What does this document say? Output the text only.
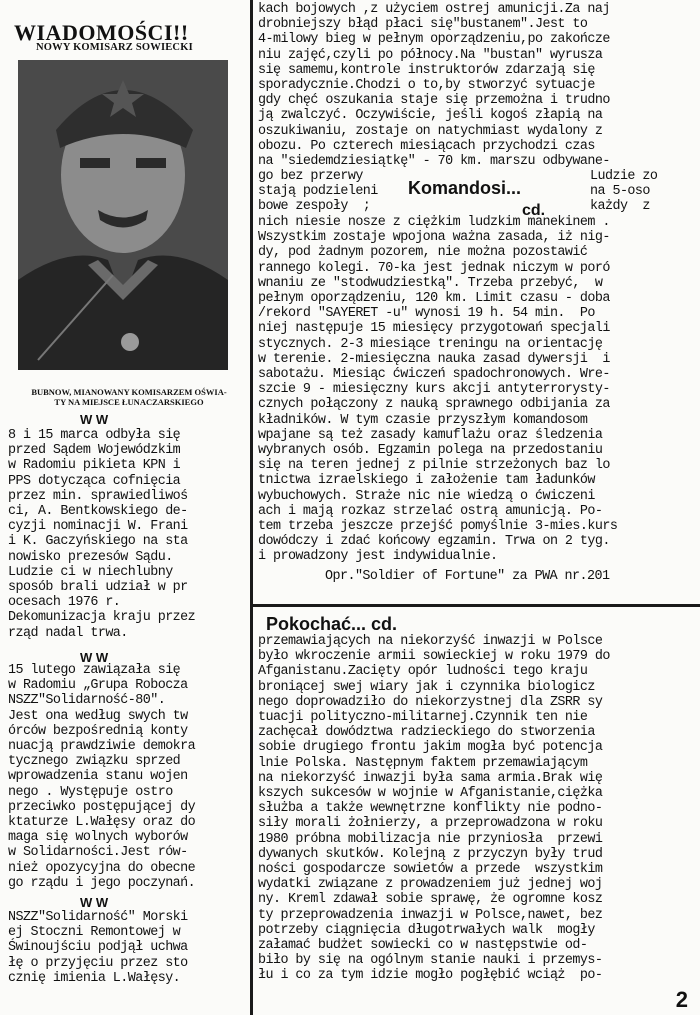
WIADOMOŚCI!!
NOWY KOMISARZ SOWIECKI
BUBNOW, MIANOWANY KOMISARZEM OŚWIA-
TY NA MIEJSCE ŁUNACZARSKIEGO
W W
8 i 15 marca odbyła się
przed Sądem Wojewódzkim
w Radomiu pikieta KPN i
PPS dotycząca cofnięcia
przez min. sprawiedliwoś
ci, A. Bentkowskiego de-
cyzji nominacji W. Frani
i K. Gaczyńskiego na sta
nowisko prezesów Sądu.
Ludzie ci w niechlubny
sposób brali udział w pr
ocesach 1976 r.
Dekomunizacja kraju przez
rząd nadal trwa.
W W
15 lutego zawiązała się
w Radomiu „Grupa Robocza
NSZZ"Solidarność-80".
Jest ona według swych tw
órców bezpośrednią konty
nuacją prawdziwie demokra
tycznego związku sprzed
wprowadzenia stanu wojen
nego . Występuje ostro
przeciwko postępującej dy
ktaturze L.Wałęsy oraz do
maga się wolnych wyborów
w Solidarności.Jest rów-
nież opozycyjna do obecne
go rządu i jego poczynań.
W W
NSZZ"Solidarność" Morski
ej Stoczni Remontowej w
Świnoujściu podjął uchwa
łę o przyjęciu przez sto
cznię imienia L.Wałęsy.
kach bojowych ,z użyciem ostrej amunicji.Za naj
drobniejszy błąd płaci się"bustanem".Jest to
4-milowy bieg w pełnym oporządzeniu,po zakończe
niu zajęć,czyli po północy.Na "bustan" wyrusza
się samemu,kontrole instruktorów zdarzają się
sporadycznie.Chodzi o to,by stworzyć sytuacje
gdy chęć oszukania staje się przemożna i trudno
ją zwalczyć. Oczywiście, jeśli kogoś złapią na
oszukiwaniu, zostaje on natychmiast wydalony z
obozu. Po czterech miesiącach przychodzi czas
na "siedemdziesiątkę" - 70 km. marszu odbywane-
go bez przerwy
stają podzieleni
bowe zespoły  ;
Ludzie zo
na 5-oso
każdy  z
Komandosi...
cd.
nich niesie nosze z ciężkim ludzkim manekinem .
Wszystkim zostaje wpojona ważna zasada, iż nig-
dy, pod żadnym pozorem, nie można pozostawić
rannego kolegi. 70-ka jest jednak niczym w poró
wnaniu ze "stodwudziestką". Trzeba przebyć,  w
pełnym oporządzeniu, 120 km. Limit czasu - doba
/rekord "SAYERET -u" wynosi 19 h. 54 min.  Po
niej następuje 15 miesięcy przygotowań specjali
stycznych. 2-3 miesiące treningu na orientację
w terenie. 2-miesięczna nauka zasad dywersji  i
sabotażu. Miesiąc ćwiczeń spadochronowych. Wre-
szcie 9 - miesięczny kurs akcji antyterrorysty-
cznych połączony z nauką sprawnego odbijania za
kładników. W tym czasie przyszłym komandosom
wpajane są też zasady kamuflażu oraz śledzenia
wybranych osób. Egzamin polega na przedostaniu
się na teren jednej z pilnie strzeżonych baz lo
tnictwa izraelskiego i założenie tam ładunków
wybuchowych. Straże nic nie wiedzą o ćwiczeni
ach i mają rozkaz strzelać ostrą amunicją. Po-
tem trzeba jeszcze przejść pomyślnie 3-mies.kurs
dowódczy i zdać końcowy egzamin. Trwa on 2 tyg.
i prowadzony jest indywidualnie.
Opr."Soldier of Fortune" za PWA nr.201
Pokochać... cd.
przemawiających na niekorzyść inwazji w Polsce
było wkroczenie armii sowieckiej w roku 1979 do
Afganistanu.Zacięty opór ludności tego kraju
broniącej swej wiary jak i czynnika biologicz
nego doprowadziło do niekorzystnej dla ZSRR sy
tuacji polityczno-militarnej.Czynnik ten nie
zachęcał dowództwa radzieckiego do stworzenia
sobie drugiego frontu jakim mogła być potencja
lnie Polska. Następnym faktem przemawiającym
na niekorzyść inwazji była sama armia.Brak wię
kszych sukcesów w wojnie w Afganistanie,ciężka
służba a także wewnętrzne konflikty nie podno-
siły morali żołnierzy, a przeprowadzona w roku
1980 próbna mobilizacja nie przyniosła  przewi
dywanych skutków. Kolejną z przyczyn były trud
ności gospodarcze sowietów a przede  wszystkim
wydatki związane z prowadzeniem już jednej woj
ny. Kreml zdawał sobie sprawę, że ogromne kosz
ty przeprowadzenia inwazji w Polsce,nawet, bez
potrzeby ciągnięcia długotrwałych walk  mogły
załamać budżet sowiecki co w następstwie od-
biło by się na ogólnym stanie nauki i przemys-
łu i co za tym idzie mogło pogłębić wciąż  po-
2
